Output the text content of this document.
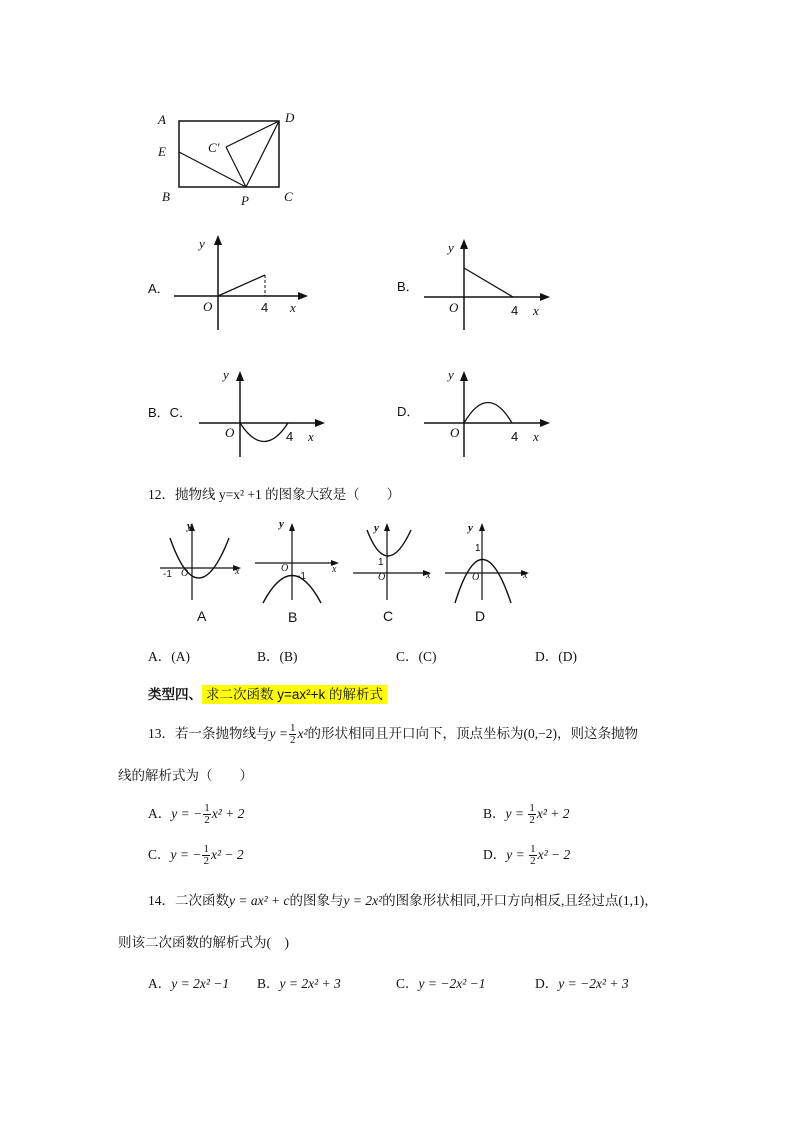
A	D
E	C′
B	P	C
A．
y
O	4 x
B．
y
O	4 x
B．C．
y
O	4 x
D．
y
O	4 x
12．抛物线 y=x² +1 的图象大致是（　　）
y
x
O
-1
A
y
x
O
-1
B
y
x
O
1
C
y
x
O
1
D
A．(A)	B．(B)	C．(C)	D．(D)
类型四、 求二次函数 y=ax²+k 的解析式
13．若一条抛物线与$y = \frac{1}{2} x^2$的形状相同且开口向下，顶点坐标为(0,−2)，则这条抛物
线的解析式为（　　）
A．y = − $\frac{1}{2} x^2 + 2$	B．$y = \frac{1}{2} x^2 + 2$
C．y = − $\frac{1}{2} x^2 - 2$	D．$y = \frac{1}{2} x^2 - 2$
14．二次函数y = ax² + c的图象与y = 2x²的图象形状相同,开口方向相反,且经过点(1,1)，
则该二次函数的解析式为(　)
A．y = 2x² −1 B．y = 2x² + 3	C．y = −2x² −1	D．y = −2x² + 3
